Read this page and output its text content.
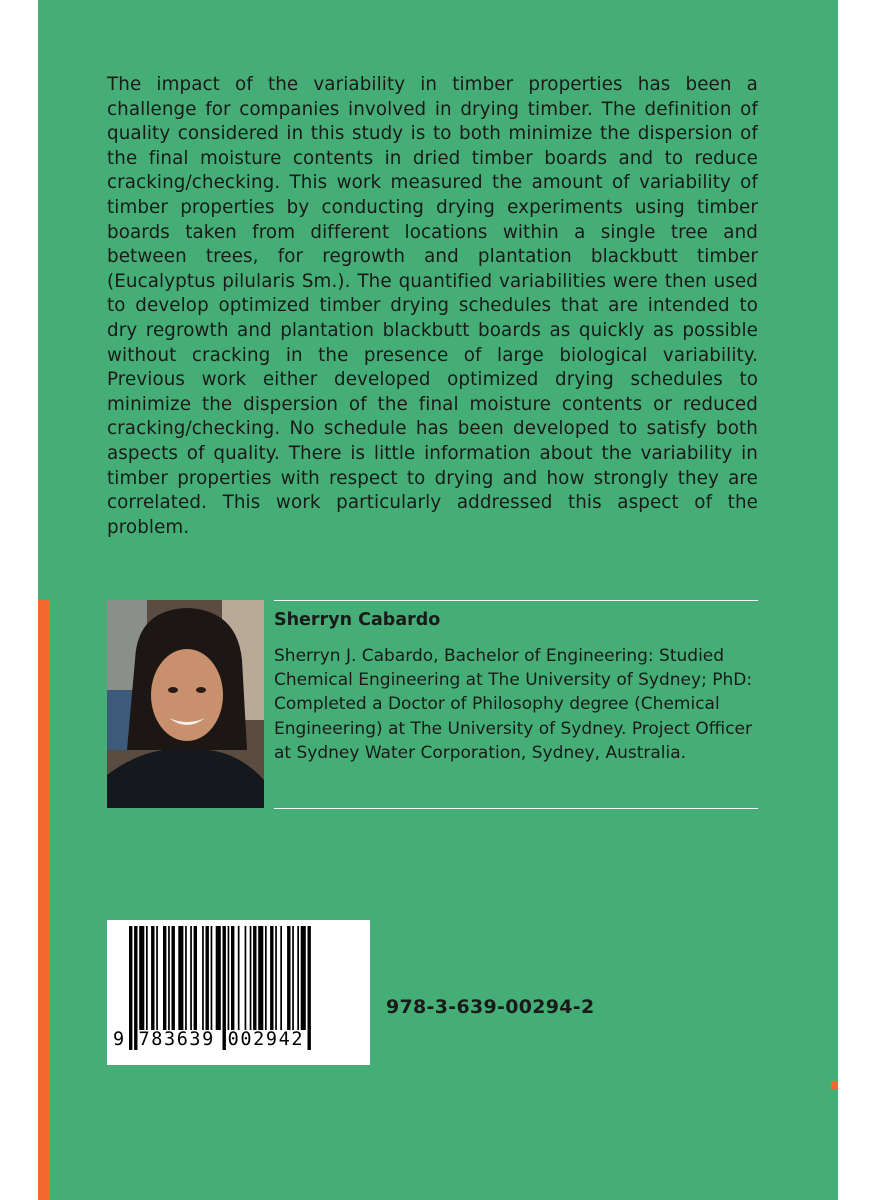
The impact of the variability in timber properties has been a challenge for companies involved in drying timber. The definition of quality considered in this study is to both minimize the dispersion of the final moisture contents in dried timber boards and to reduce cracking/checking. This work measured the amount of variability of timber properties by conducting drying experiments using timber boards taken from different locations within a single tree and between trees, for regrowth and plantation blackbutt timber (Eucalyptus pilularis Sm.). The quantified variabilities were then used to develop optimized timber drying schedules that are intended to dry regrowth and plantation blackbutt boards as quickly as possible without cracking in the presence of large biological variability. Previous work either developed optimized drying schedules to minimize the dispersion of the final moisture contents or reduced cracking/checking. No schedule has been developed to satisfy both aspects of quality. There is little information about the variability in timber properties with respect to drying and how strongly they are correlated. This work particularly addressed this aspect of the problem.

Sherryn Cabardo

Sherryn J. Cabardo, Bachelor of Engineering: Studied Chemical Engineering at The University of Sydney; PhD: Completed a Doctor of Philosophy degree (Chemical Engineering) at The University of Sydney. Project Officer at Sydney Water Corporation, Sydney, Australia.

9 783639 002942
978-3-639-00294-2
